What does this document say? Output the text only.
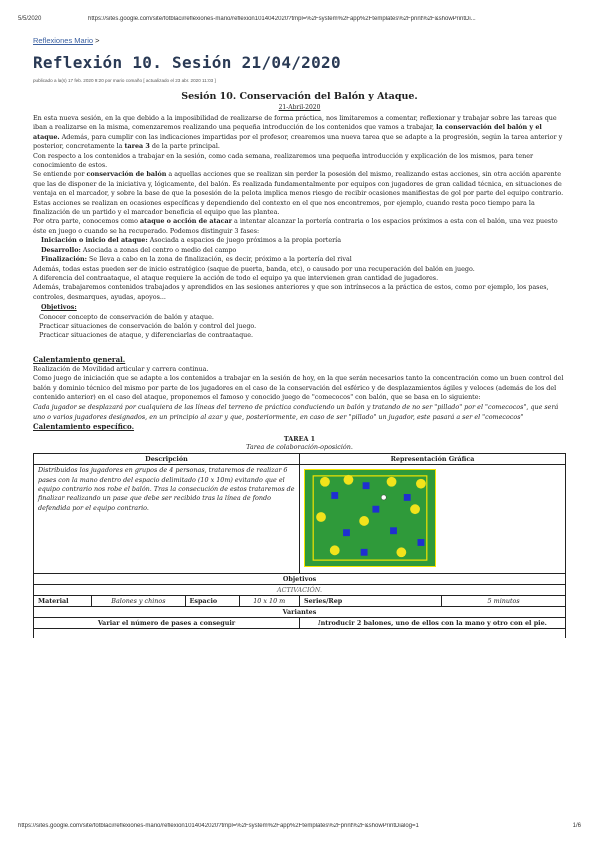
5/5/2020	https://sites.google.com/site/fotblaci/reflexiones-mario/reflexion1014042020?tmpl=%2Fsystem%2Fapp%2Ftemplates%2Fprint%2F&showPrintDi...
Reflexiones Mario >
Reflexión 10. Sesión 21/04/2020
publicado a la(s) 17 feb. 2020 9:20 por mario comaño [ actualizado el 23 abr. 2020 11:03 ]
Sesión 10. Conservación del Balón y Ataque.
21-Abril-2020

En esta nueva sesión, en la que debido a la imposibilidad de realizarse de forma práctica, nos limitaremos a comentar, reflexionar y trabajar sobre las tareas que iban a realizarse en la misma, comenzaremos realizando una pequeña introducción de los contenidos que vamos a trabajar, la conservación del balón y el ataque. Además, para cumplir con las indicaciones impartidas por el profesor, crearemos una nueva tarea que se adapte a la progresión, según la tarea anterior y posterior, concretamente la tarea 3 de la parte principal.

Con respecto a los contenidos a trabajar en la sesión, como cada semana, realizaremos una pequeña introducción y explicación de los mismos, para tener conocimiento de estos.

Se entiende por conservación de balón a aquellas acciones que se realizan sin perder la posesión del mismo, realizando estas acciones, sin otra acción aparente que las de disponer de la iniciativa y, lógicamente, del balón. És realizada fundamentalmente por equipos con jugadores de gran calidad técnica, en situaciones de ventaja en el marcador, y sobre la base de que la posesión de la pelota implica menos riesgo de recibir ocasiones manifiestas de gol por parte del equipo contrario. Estas acciones se realizan en ocasiones específicas y dependiendo del contexto en el que nos encontremos, por ejemplo, cuando resta poco tiempo para la finalización de un partido y el marcador beneficia el equipo que las plantea.

Por otra parte, conocemos como ataque o acción de atacar a intentar alcanzar la portería contraria o los espacios próximos a esta con el balón, una vez puesto éste en juego o cuando se ha recuperado. Podemos distinguir 3 fases:

Iniciación o inicio del ataque: Asociada a espacios de juego próximos a la propia portería

Desarrollo: Asociada a zonas del centro o medio del campo

Finalización: Se lleva a cabo en la zona de finalización, es decir, próximo a la portería del rival

Además, todas estas pueden ser de inicio estratégico (saque de puerta, banda, etc), o causado por una recuperación del balón en juego.

A diferencia del contraataque, el ataque requiere la acción de todo el equipo ya que intervienen gran cantidad de jugadores.

Además, trabajaremos contenidos trabajados y aprendidos en las sesiones anteriores y que son intrínsecos a la práctica de estos, como por ejemplo, los pases, controles, desmarques, ayudas, apoyos...

Objetivos:

Conocer concepto de conservación de balón y ataque.

Practicar situaciones de conservación de balón y control del juego.

Practicar situaciones de ataque, y diferenciarlas de contraataque.

Calentamiento general.

Realización de Movilidad articular y carrera continua.

Como juego de iniciación que se adapte a los contenidos a trabajar en la sesión de hoy, en la que serán necesarios tanto la concentración como un buen control del balón y dominio técnico del mismo por parte de los jugadores en el caso de la conservación del esférico y de desplazamientos ágiles y veloces (además de los del contenido anterior) en el caso del ataque, proponemos el famoso y conocido juego de "comecocos" con balón, que se basa en lo siguiente:

Cada jugador se desplazará por cualquiera de las líneas del terreno de práctica conduciendo un balón y tratando de no ser "pillado" por el "comecocos", que será uno o varios jugadores designados, en un principio al azar y que, posteriormente, en caso de ser "pillado" un jugador, este pasará a ser el "comecocos"

Calentamiento específico.
TAREA 1
Tarea de colaboración-oposición.
Descripción				Representación Gráfica	
Distribuidos los jugadores en grupos de 4 personas, trataremos de realizar 6 pases con la mano dentro del espacio delimitado (10 x 10m) evitando que el equipo contrario nos robe el balón. Tras la consecución de estos trataremos de finalizar realizando un pase que debe ser recibido tras la línea de fondo defendida por el equipo contrario.	
Objetivos					
ACTIVACIÓN.					
Material	Balones y chinos	Espacio	10 x 10 m	Series/Rep	5 minutos
Variantes					
Variar el número de pases a conseguir				Introducir 2 balones, uno de ellos con la mano y otro con el pie.	

https://sites.google.com/site/fotblaci/reflexiones-mario/reflexion1014042020?tmpl=%2Fsystem%2Fapp%2Ftemplates%2Fprint%2F&showPrintDialog=1	1/6
